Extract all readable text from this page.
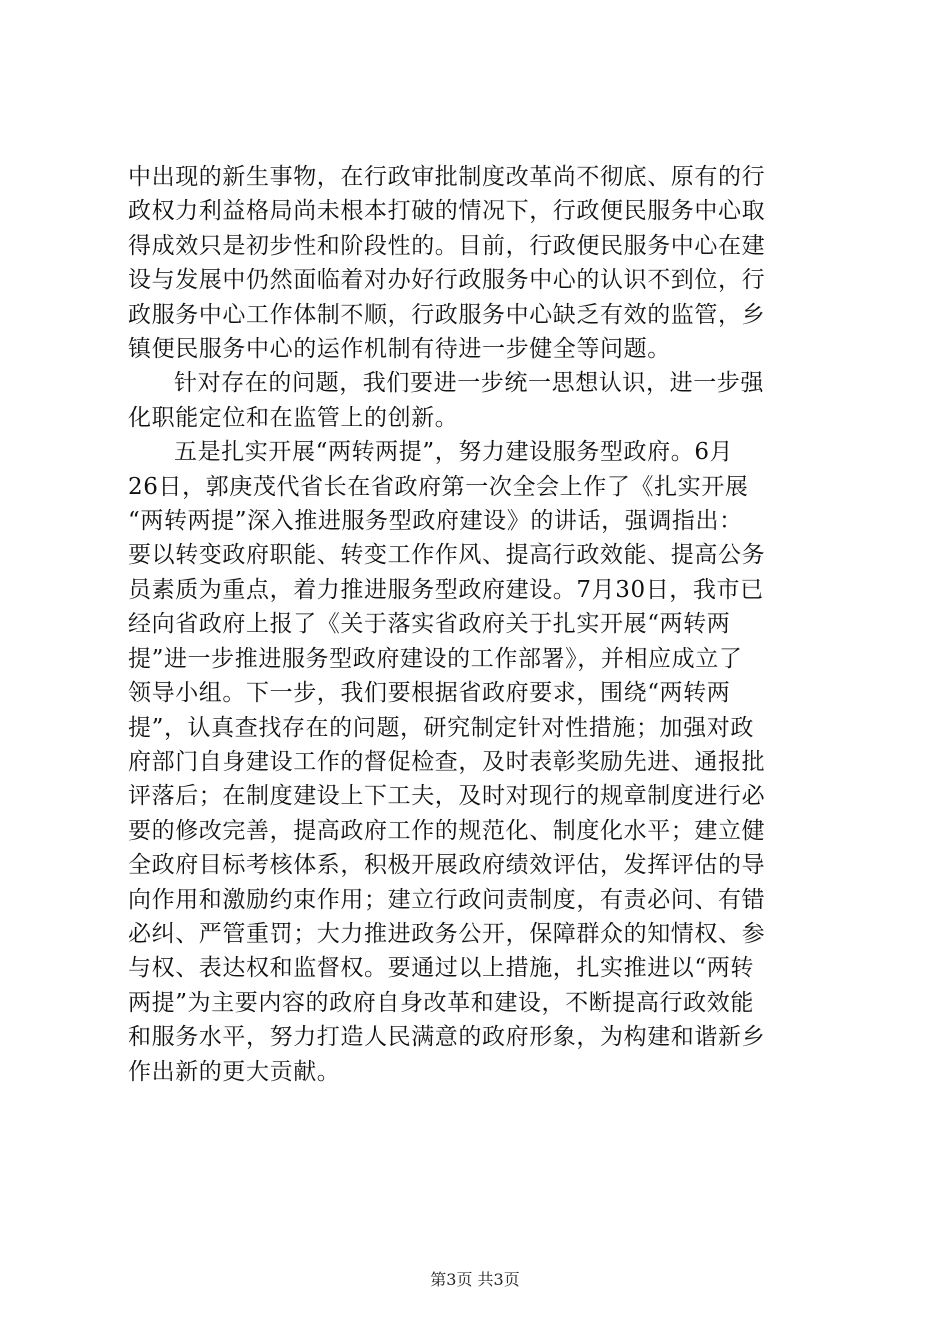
中出现的新生事物，在行政审批制度改革尚不彻底、原有的行
政权力利益格局尚未根本打破的情况下，行政便民服务中心取
得成效只是初步性和阶段性的。目前，行政便民服务中心在建
设与发展中仍然面临着对办好行政服务中心的认识不到位，行
政服务中心工作体制不顺，行政服务中心缺乏有效的监管，乡
镇便民服务中心的运作机制有待进一步健全等问题。

针对存在的问题，我们要进一步统一思想认识，进一步强
化职能定位和在监管上的创新。

五是扎实开展“两转两提”，努力建设服务型政府。6月
26日，郭庚茂代省长在省政府第一次全会上作了《扎实开展
“两转两提”深入推进服务型政府建设》的讲话，强调指出：
要以转变政府职能、转变工作作风、提高行政效能、提高公务
员素质为重点，着力推进服务型政府建设。7月30日，我市已
经向省政府上报了《关于落实省政府关于扎实开展“两转两
提”进一步推进服务型政府建设的工作部署》，并相应成立了
领导小组。下一步，我们要根据省政府要求，围绕“两转两
提”，认真查找存在的问题，研究制定针对性措施；加强对政
府部门自身建设工作的督促检查，及时表彰奖励先进、通报批
评落后；在制度建设上下工夫，及时对现行的规章制度进行必
要的修改完善，提高政府工作的规范化、制度化水平；建立健
全政府目标考核体系，积极开展政府绩效评估，发挥评估的导
向作用和激励约束作用；建立行政问责制度，有责必问、有错
必纠、严管重罚；大力推进政务公开，保障群众的知情权、参
与权、表达权和监督权。要通过以上措施，扎实推进以“两转
两提”为主要内容的政府自身改革和建设，不断提高行政效能
和服务水平，努力打造人民满意的政府形象，为构建和谐新乡
作出新的更大贡献。

第3页 共3页
